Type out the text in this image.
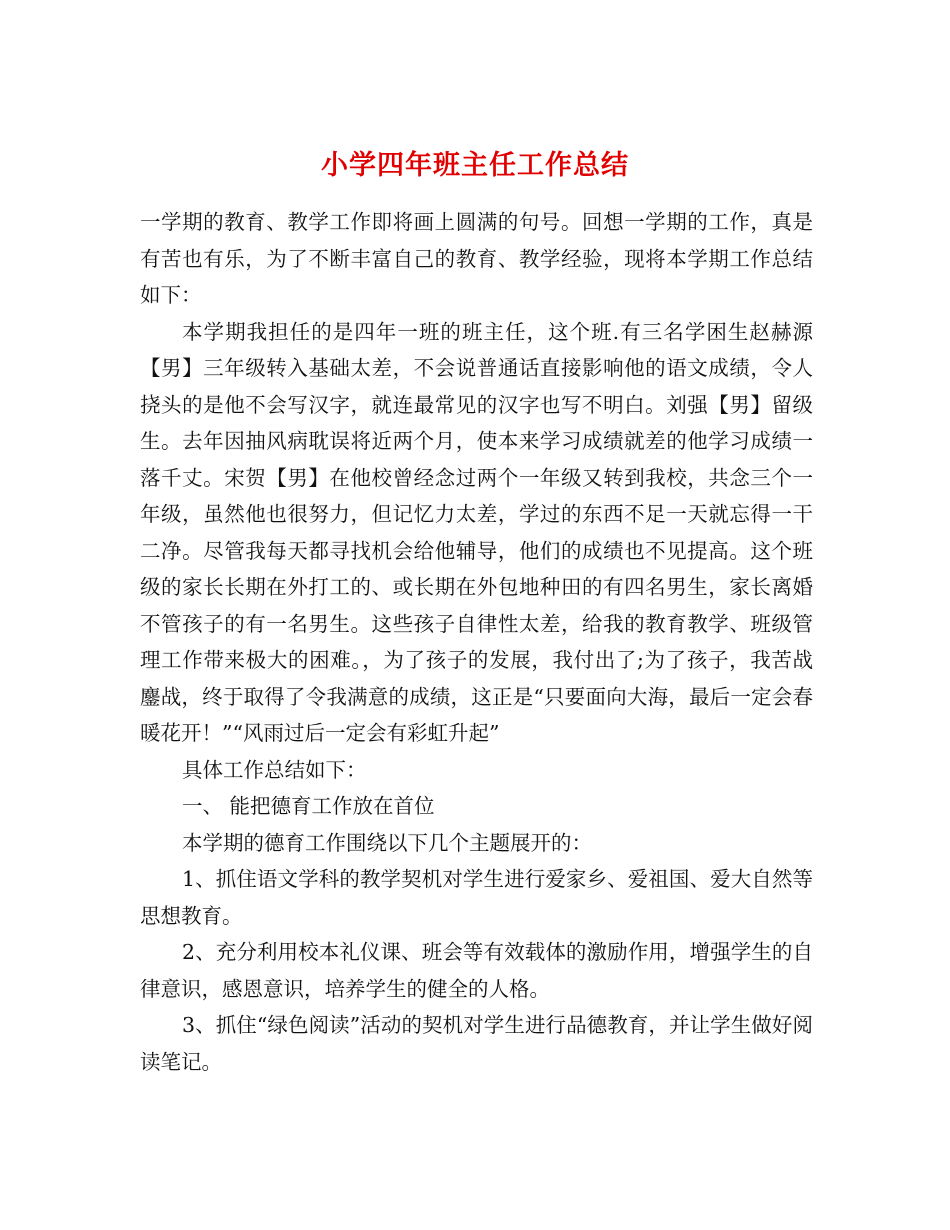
小学四年班主任工作总结

一学期的教育、教学工作即将画上圆满的句号。回想一学期的工作，真是有苦也有乐，为了不断丰富自己的教育、教学经验，现将本学期工作总结如下：

本学期我担任的是四年一班的班主任，这个班.有三名学困生赵赫源【男】三年级转入基础太差，不会说普通话直接影响他的语文成绩，令人挠头的是他不会写汉字，就连最常见的汉字也写不明白。刘强【男】留级生。去年因抽风病耽误将近两个月，使本来学习成绩就差的他学习成绩一落千丈。宋贺【男】在他校曾经念过两个一年级又转到我校，共念三个一年级，虽然他也很努力，但记忆力太差，学过的东西不足一天就忘得一干二净。尽管我每天都寻找机会给他辅导，他们的成绩也不见提高。这个班级的家长长期在外打工的、或长期在外包地种田的有四名男生，家长离婚不管孩子的有一名男生。这些孩子自律性太差，给我的教育教学、班级管理工作带来极大的困难。，为了孩子的发展，我付出了;为了孩子，我苦战鏖战，终于取得了令我满意的成绩，这正是“只要面向大海，最后一定会春暖花开！”“风雨过后一定会有彩虹升起”

具体工作总结如下：

一、 能把德育工作放在首位

本学期的德育工作围绕以下几个主题展开的：

1、抓住语文学科的教学契机对学生进行爱家乡、爱祖国、爱大自然等思想教育。

2、充分利用校本礼仪课、班会等有效载体的激励作用，增强学生的自律意识，感恩意识，培养学生的健全的人格。

3、抓住“绿色阅读”活动的契机对学生进行品德教育，并让学生做好阅读笔记。
